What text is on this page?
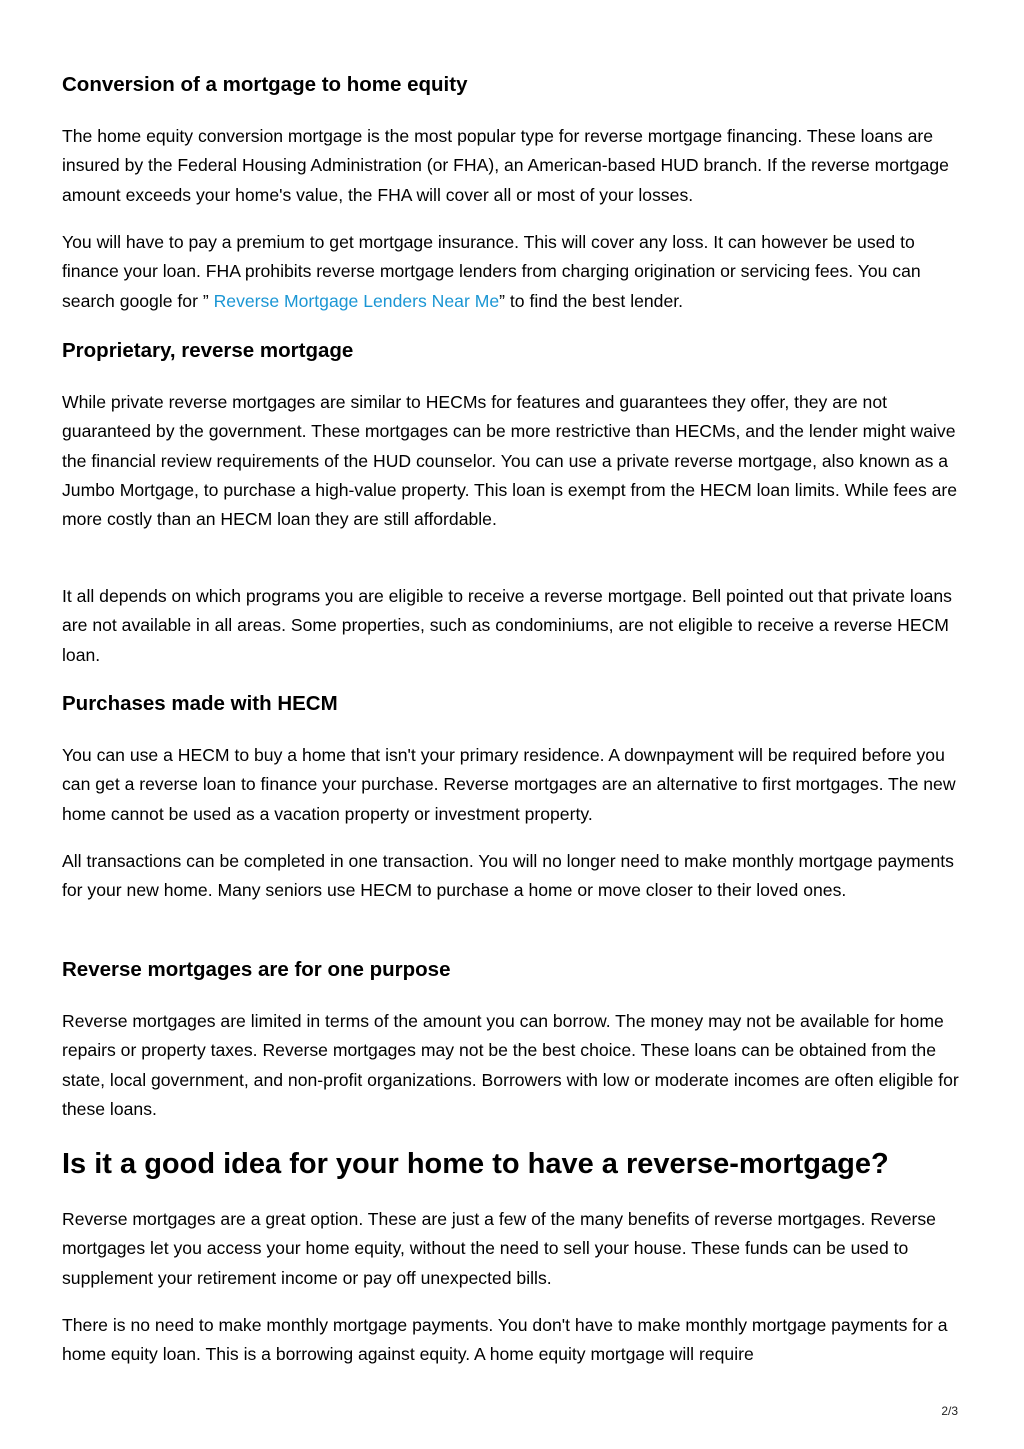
Conversion of a mortgage to home equity

The home equity conversion mortgage is the most popular type for reverse mortgage financing. These loans are insured by the Federal Housing Administration (or FHA), an American-based HUD branch. If the reverse mortgage amount exceeds your home's value, the FHA will cover all or most of your losses.

You will have to pay a premium to get mortgage insurance. This will cover any loss. It can however be used to finance your loan. FHA prohibits reverse mortgage lenders from charging origination or servicing fees. You can search google for ” Reverse Mortgage Lenders Near Me” to find the best lender.

Proprietary, reverse mortgage

While private reverse mortgages are similar to HECMs for features and guarantees they offer, they are not guaranteed by the government. These mortgages can be more restrictive than HECMs, and the lender might waive the financial review requirements of the HUD counselor. You can use a private reverse mortgage, also known as a Jumbo Mortgage, to purchase a high-value property. This loan is exempt from the HECM loan limits. While fees are more costly than an HECM loan they are still affordable.

It all depends on which programs you are eligible to receive a reverse mortgage. Bell pointed out that private loans are not available in all areas. Some properties, such as condominiums, are not eligible to receive a reverse HECM loan.

Purchases made with HECM

You can use a HECM to buy a home that isn't your primary residence. A downpayment will be required before you can get a reverse loan to finance your purchase. Reverse mortgages are an alternative to first mortgages. The new home cannot be used as a vacation property or investment property.

All transactions can be completed in one transaction. You will no longer need to make monthly mortgage payments for your new home. Many seniors use HECM to purchase a home or move closer to their loved ones.

Reverse mortgages are for one purpose

Reverse mortgages are limited in terms of the amount you can borrow. The money may not be available for home repairs or property taxes. Reverse mortgages may not be the best choice. These loans can be obtained from the state, local government, and non-profit organizations. Borrowers with low or moderate incomes are often eligible for these loans.

Is it a good idea for your home to have a reverse-mortgage?

Reverse mortgages are a great option. These are just a few of the many benefits of reverse mortgages. Reverse mortgages let you access your home equity, without the need to sell your house. These funds can be used to supplement your retirement income or pay off unexpected bills.

There is no need to make monthly mortgage payments. You don't have to make monthly mortgage payments for a home equity loan. This is a borrowing against equity. A home equity mortgage will require

2/3
